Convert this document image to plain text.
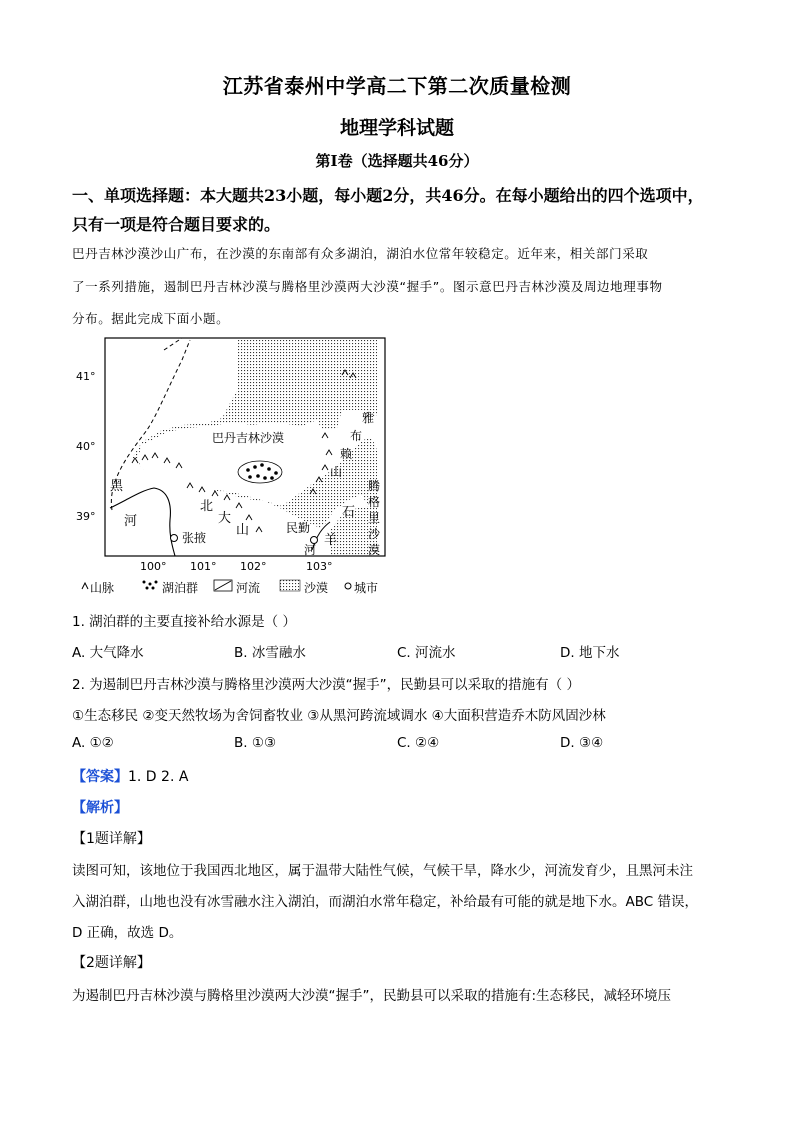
江苏省泰州中学高二下第二次质量检测
地理学科试题
第Ⅰ卷（选择题共46分）
一、单项选择题：本大题共23小题，每小题2分，共46分。在每小题给出的四个选项中，
只有一项是符合题目要求的。
巴丹吉林沙漠沙山广布，在沙漠的东南部有众多湖泊，湖泊水位常年较稳定。近年来，相关部门采取
了一系列措施，遏制巴丹吉林沙漠与腾格里沙漠两大沙漠“握手”。图示意巴丹吉林沙漠及周边地理事物
分布。据此完成下面小题。
41°
40°
39°
100° 101° 102°	103°
巴丹吉林沙漠
黑
河
北
大
山
雅
布
赖
山
腾
格
里
沙
漠
石
羊
民勤
河
张掖
山脉	湖泊群	河流	沙漠 城市
1. 湖泊群的主要直接补给水源是（ ）
A. 大气降水	B. 冰雪融水	C. 河流水	D. 地下水
2. 为遏制巴丹吉林沙漠与腾格里沙漠两大沙漠“握手”，民勤县可以采取的措施有（ ）
①生态移民 ②变天然牧场为舍饲畜牧业 ③从黑河跨流域调水 ④大面积营造乔木防风固沙林
A. ①②	B. ①③	C. ②④	D. ③④
【答案】1. D 2. A
【解析】
【1题详解】
读图可知，该地位于我国西北地区，属于温带大陆性气候，气候干旱，降水少，河流发育少，且黑河未注
入湖泊群，山地也没有冰雪融水注入湖泊，而湖泊水常年稳定，补给最有可能的就是地下水。ABC 错误，
D 正确，故选 D。
【2题详解】
为遏制巴丹吉林沙漠与腾格里沙漠两大沙漠“握手”，民勤县可以采取的措施有:生态移民，减轻环境压
